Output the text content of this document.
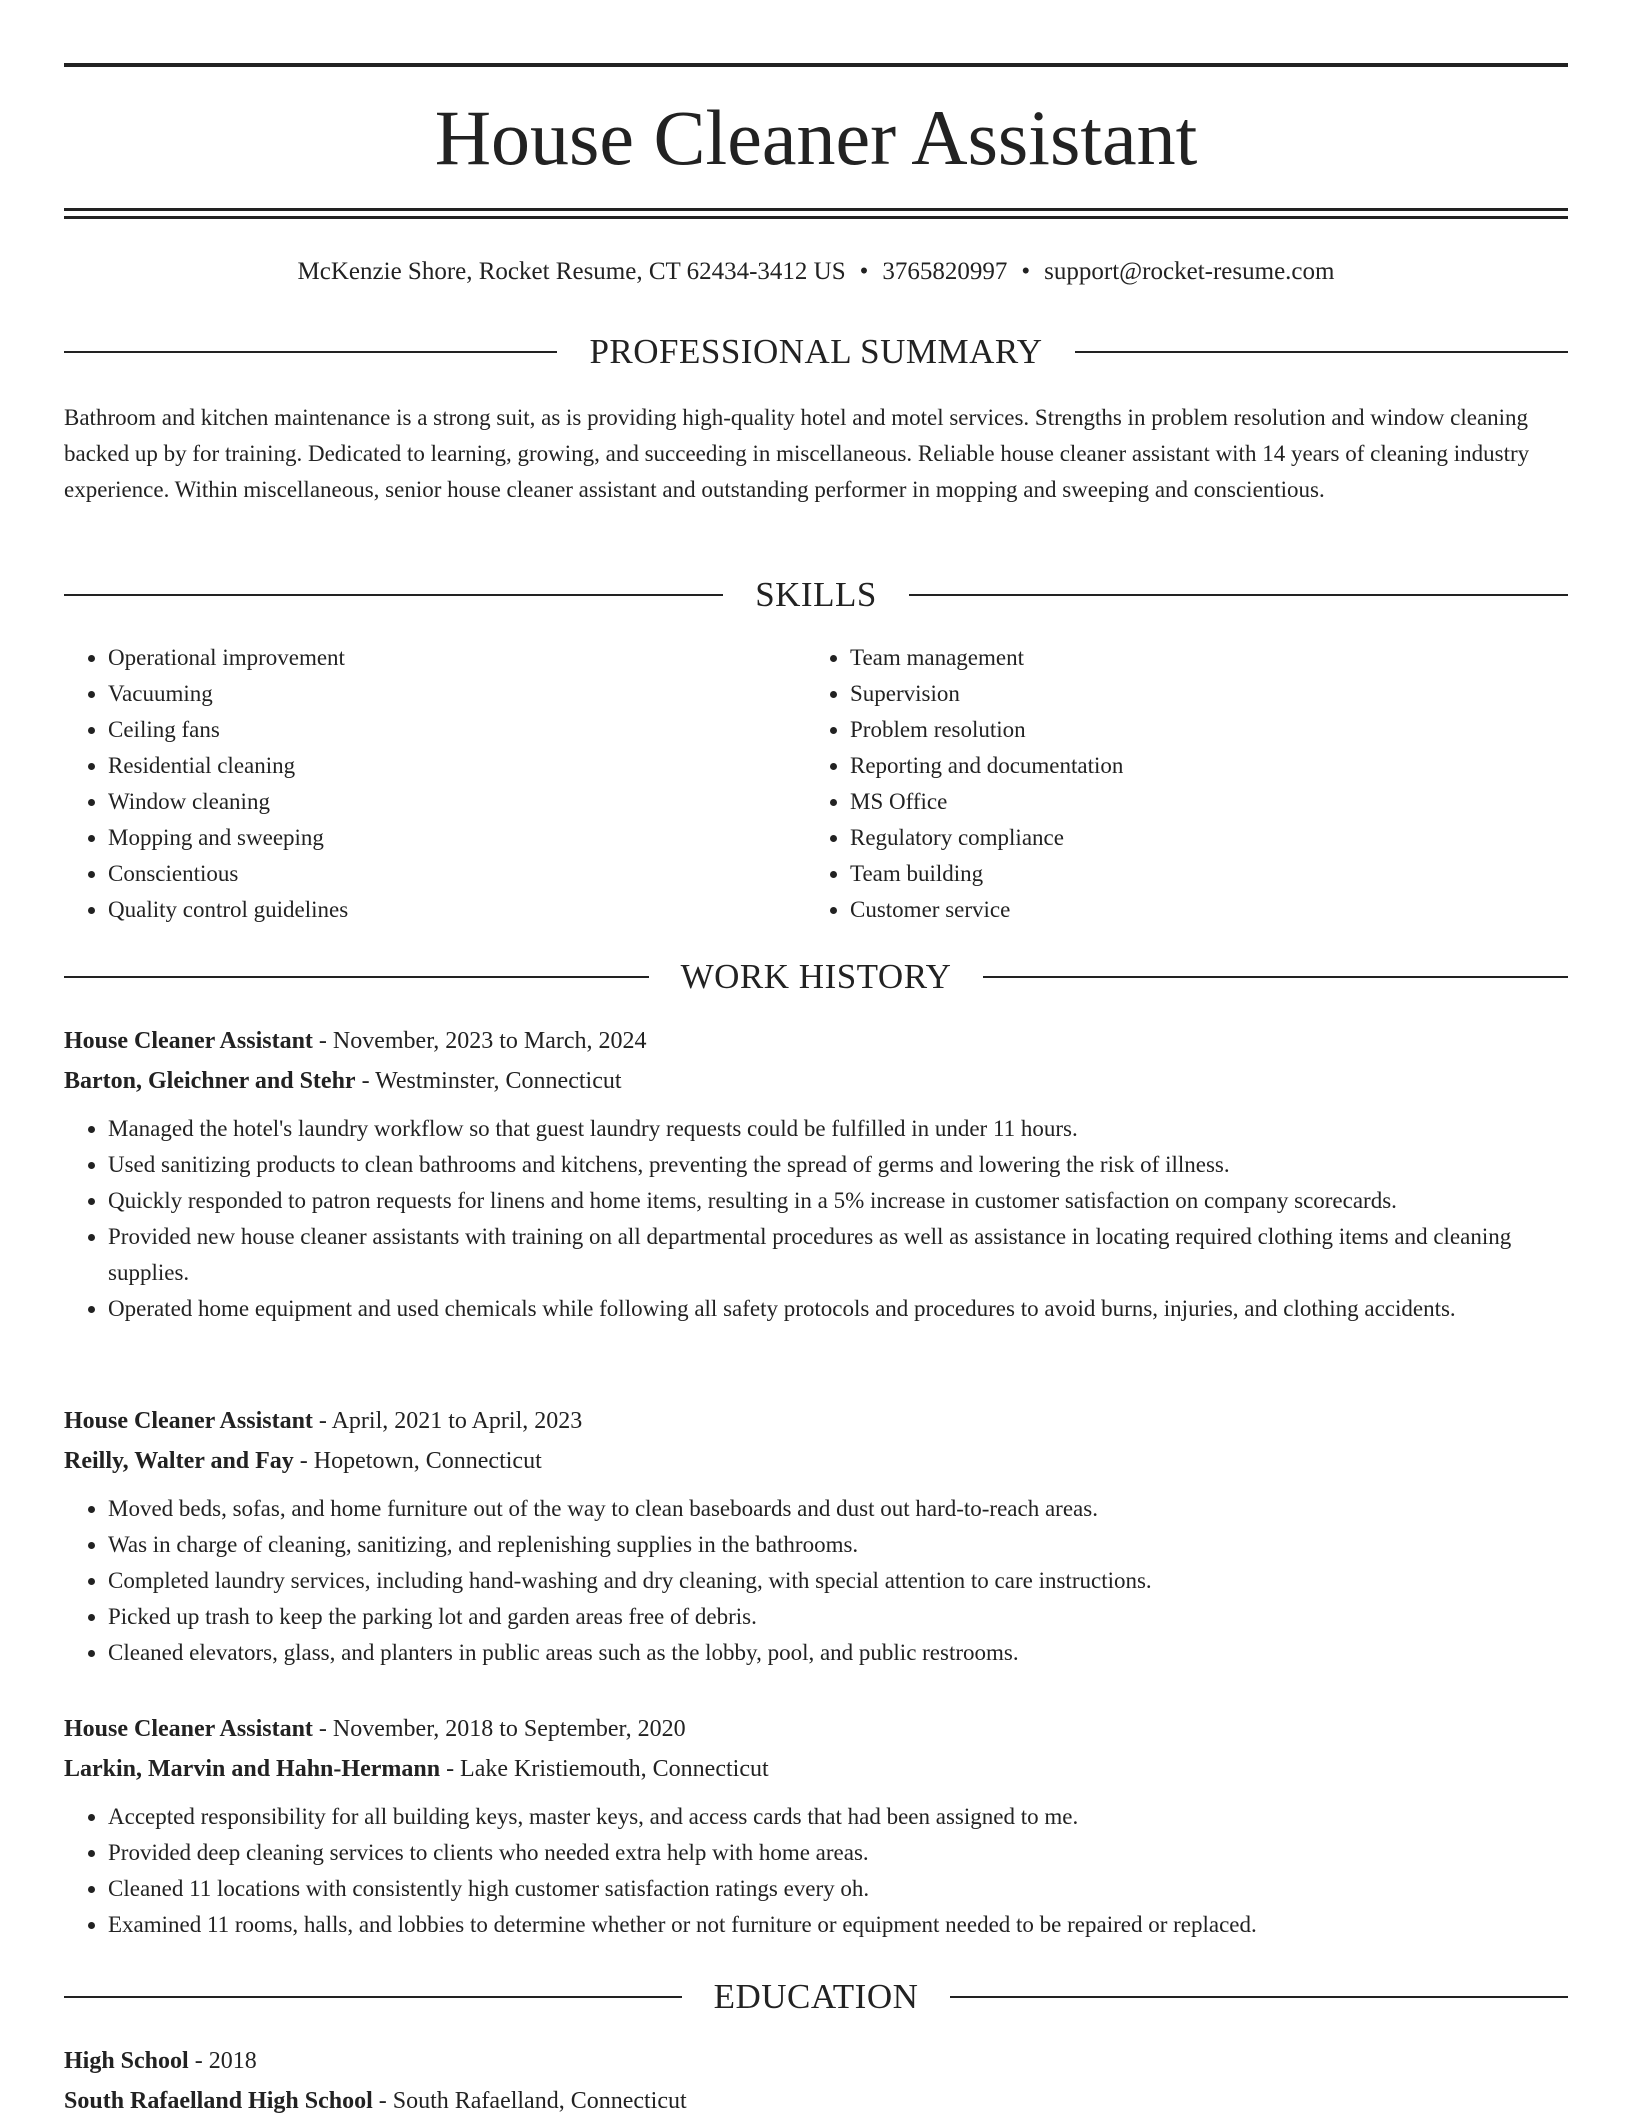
House Cleaner Assistant
McKenzie Shore, Rocket Resume, CT 62434-3412 US • 3765820997 • support@rocket-resume.com
PROFESSIONAL SUMMARY

Bathroom and kitchen maintenance is a strong suit, as is providing high-quality hotel and motel services. Strengths in problem resolution and window cleaning backed up by for training. Dedicated to learning, growing, and succeeding in miscellaneous. Reliable house cleaner assistant with 14 years of cleaning industry experience. Within miscellaneous, senior house cleaner assistant and outstanding performer in mopping and sweeping and conscientious.

SKILLS
• Operational improvement
• Vacuuming
• Ceiling fans
• Residential cleaning
• Window cleaning
• Mopping and sweeping
• Conscientious
• Quality control guidelines
• Team management
• Supervision
• Problem resolution
• Reporting and documentation
• MS Office
• Regulatory compliance
• Team building
• Customer service
WORK HISTORY
House Cleaner Assistant - November, 2023 to March, 2024
Barton, Gleichner and Stehr - Westminster, Connecticut
• Managed the hotel's laundry workflow so that guest laundry requests could be fulfilled in under 11 hours.
• Used sanitizing products to clean bathrooms and kitchens, preventing the spread of germs and lowering the risk of illness.
• Quickly responded to patron requests for linens and home items, resulting in a 5% increase in customer satisfaction on company scorecards.
• Provided new house cleaner assistants with training on all departmental procedures as well as assistance in locating required clothing items and cleaning supplies.
• Operated home equipment and used chemicals while following all safety protocols and procedures to avoid burns, injuries, and clothing accidents.
House Cleaner Assistant - April, 2021 to April, 2023
Reilly, Walter and Fay - Hopetown, Connecticut
• Moved beds, sofas, and home furniture out of the way to clean baseboards and dust out hard-to-reach areas.
• Was in charge of cleaning, sanitizing, and replenishing supplies in the bathrooms.
• Completed laundry services, including hand-washing and dry cleaning, with special attention to care instructions.
• Picked up trash to keep the parking lot and garden areas free of debris.
• Cleaned elevators, glass, and planters in public areas such as the lobby, pool, and public restrooms.
House Cleaner Assistant - November, 2018 to September, 2020
Larkin, Marvin and Hahn-Hermann - Lake Kristiemouth, Connecticut
• Accepted responsibility for all building keys, master keys, and access cards that had been assigned to me.
• Provided deep cleaning services to clients who needed extra help with home areas.
• Cleaned 11 locations with consistently high customer satisfaction ratings every oh.
• Examined 11 rooms, halls, and lobbies to determine whether or not furniture or equipment needed to be repaired or replaced.
EDUCATION
High School - 2018
South Rafaelland High School - South Rafaelland, Connecticut
